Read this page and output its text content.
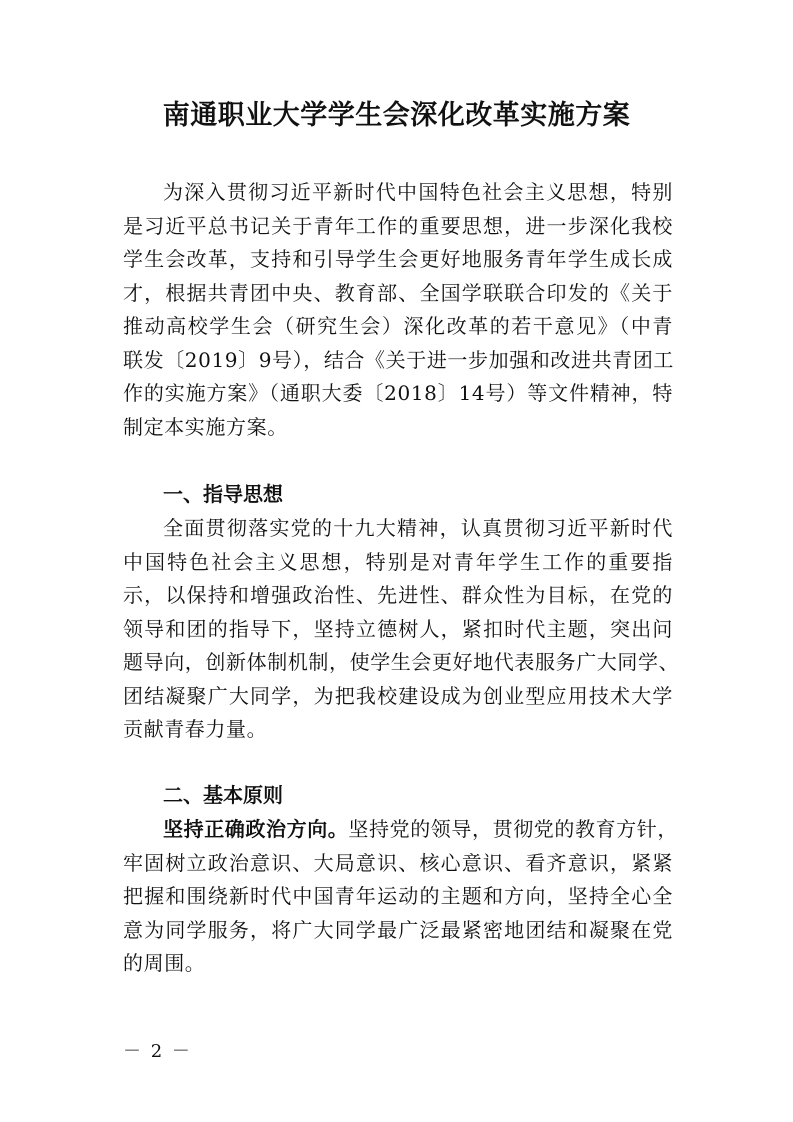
南通职业大学学生会深化改革实施方案

为深入贯彻习近平新时代中国特色社会主义思想，特别
是习近平总书记关于青年工作的重要思想，进一步深化我校
学生会改革，支持和引导学生会更好地服务青年学生成长成
才，根据共青团中央、教育部、全国学联联合印发的《关于
推动高校学生会（研究生会）深化改革的若干意见》（中青
联发〔2019〕9号），结合《关于进一步加强和改进共青团工
作的实施方案》（通职大委〔2018〕14号）等文件精神，特
制定本实施方案。

一、指导思想

全面贯彻落实党的十九大精神，认真贯彻习近平新时代
中国特色社会主义思想，特别是对青年学生工作的重要指
示，以保持和增强政治性、先进性、群众性为目标，在党的
领导和团的指导下，坚持立德树人，紧扣时代主题，突出问
题导向，创新体制机制，使学生会更好地代表服务广大同学、
团结凝聚广大同学，为把我校建设成为创业型应用技术大学
贡献青春力量。

二、基本原则

坚持正确政治方向。坚持党的领导，贯彻党的教育方针，
牢固树立政治意识、大局意识、核心意识、看齐意识，紧紧
把握和围绕新时代中国青年运动的主题和方向，坚持全心全
意为同学服务，将广大同学最广泛最紧密地团结和凝聚在党
的周围。

－ 2 －
